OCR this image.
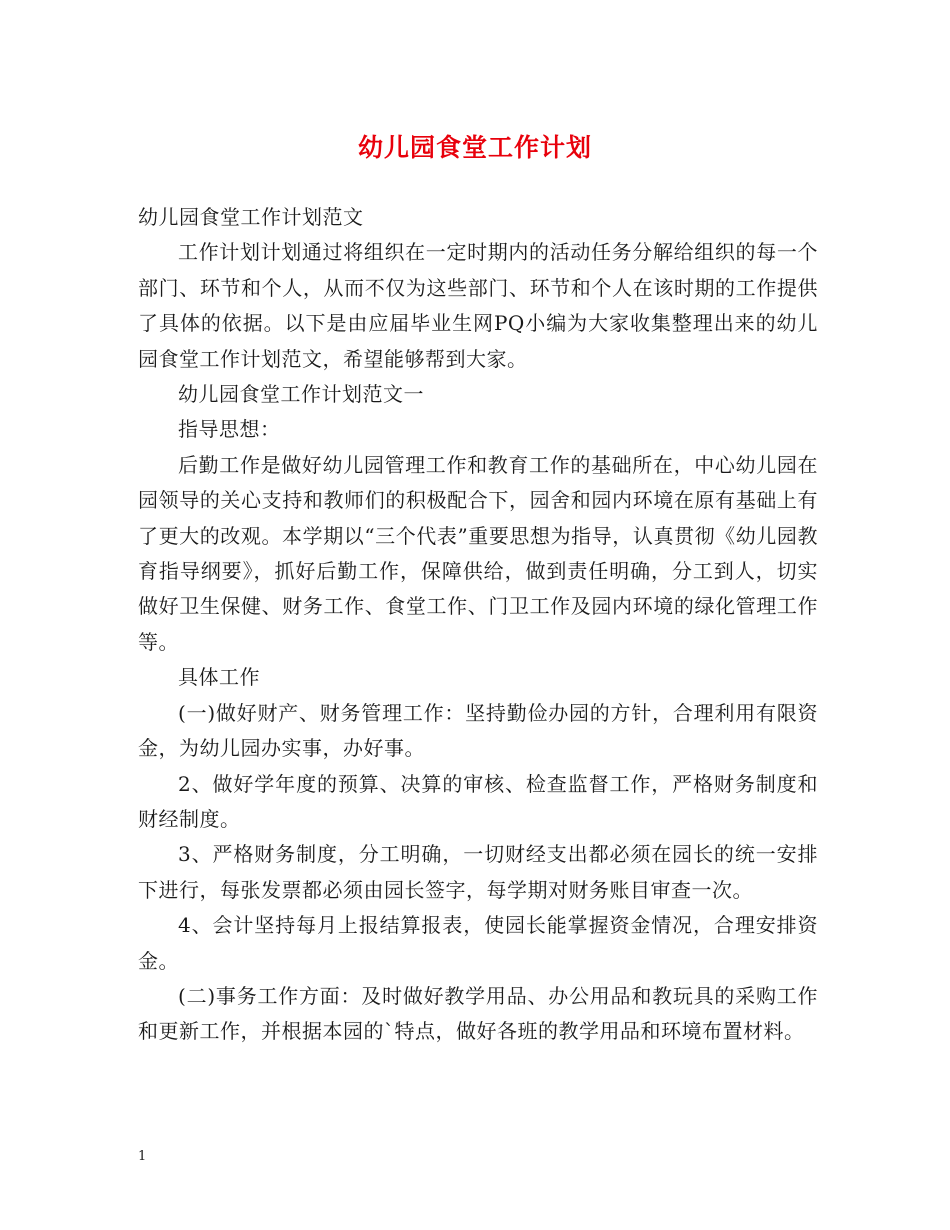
幼儿园食堂工作计划

幼儿园食堂工作计划范文

工作计划计划通过将组织在一定时期内的活动任务分解给组织的每一个部门、环节和个人，从而不仅为这些部门、环节和个人在该时期的工作提供了具体的依据。以下是由应届毕业生网PQ小编为大家收集整理出来的幼儿园食堂工作计划范文，希望能够帮到大家。

幼儿园食堂工作计划范文一

指导思想：

后勤工作是做好幼儿园管理工作和教育工作的基础所在，中心幼儿园在园领导的关心支持和教师们的积极配合下，园舍和园内环境在原有基础上有了更大的改观。本学期以“三个代表”重要思想为指导，认真贯彻《幼儿园教育指导纲要》，抓好后勤工作，保障供给，做到责任明确，分工到人，切实做好卫生保健、财务工作、食堂工作、门卫工作及园内环境的绿化管理工作等。

具体工作

(一)做好财产、财务管理工作：坚持勤俭办园的方针，合理利用有限资金，为幼儿园办实事，办好事。

2、做好学年度的预算、决算的审核、检查监督工作，严格财务制度和财经制度。

3、严格财务制度，分工明确，一切财经支出都必须在园长的统一安排下进行，每张发票都必须由园长签字，每学期对财务账目审查一次。

4、会计坚持每月上报结算报表，使园长能掌握资金情况，合理安排资金。

(二)事务工作方面：及时做好教学用品、办公用品和教玩具的采购工作和更新工作，并根据本园的`特点，做好各班的教学用品和环境布置材料。

1
